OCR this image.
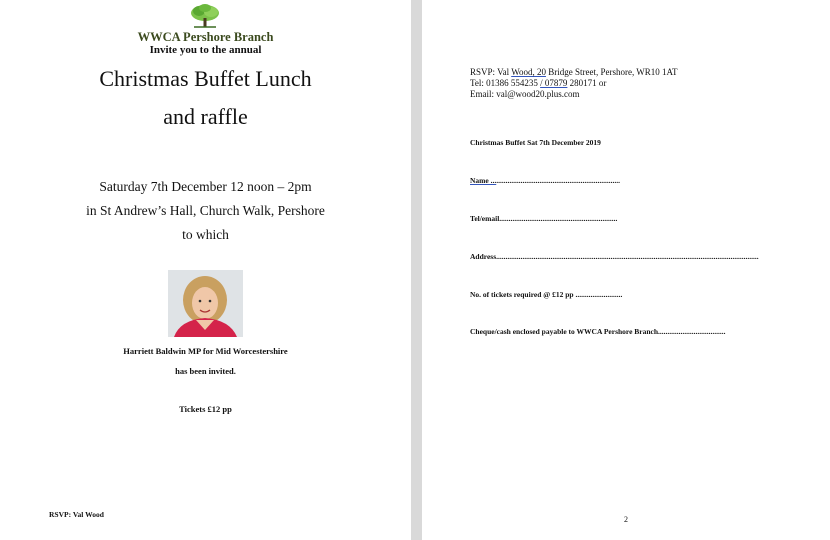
WWCA Pershore Branch
Invite you to the annual
Christmas Buffet Lunch
and raffle
Saturday 7th December 12 noon – 2pm
in St Andrew’s Hall, Church Walk, Pershore
to which
Harriett Baldwin MP for Mid Worcestershire
has been invited.
Tickets £12 pp
RSVP: Val Wood
RSVP: Val Wood, 20 Bridge Street, Pershore, WR10 1AT
Tel: 01386 554235 / 07879 280171 or
Email: val@wood20.plus.com
Christmas Buffet Sat 7th December 2019
Name .....................................................................
Tel/email...............................................................
Address............................................................................................................................................
No. of tickets required @ £12 pp .........................
Cheque/cash enclosed payable to WWCA Pershore Branch....................................
2
